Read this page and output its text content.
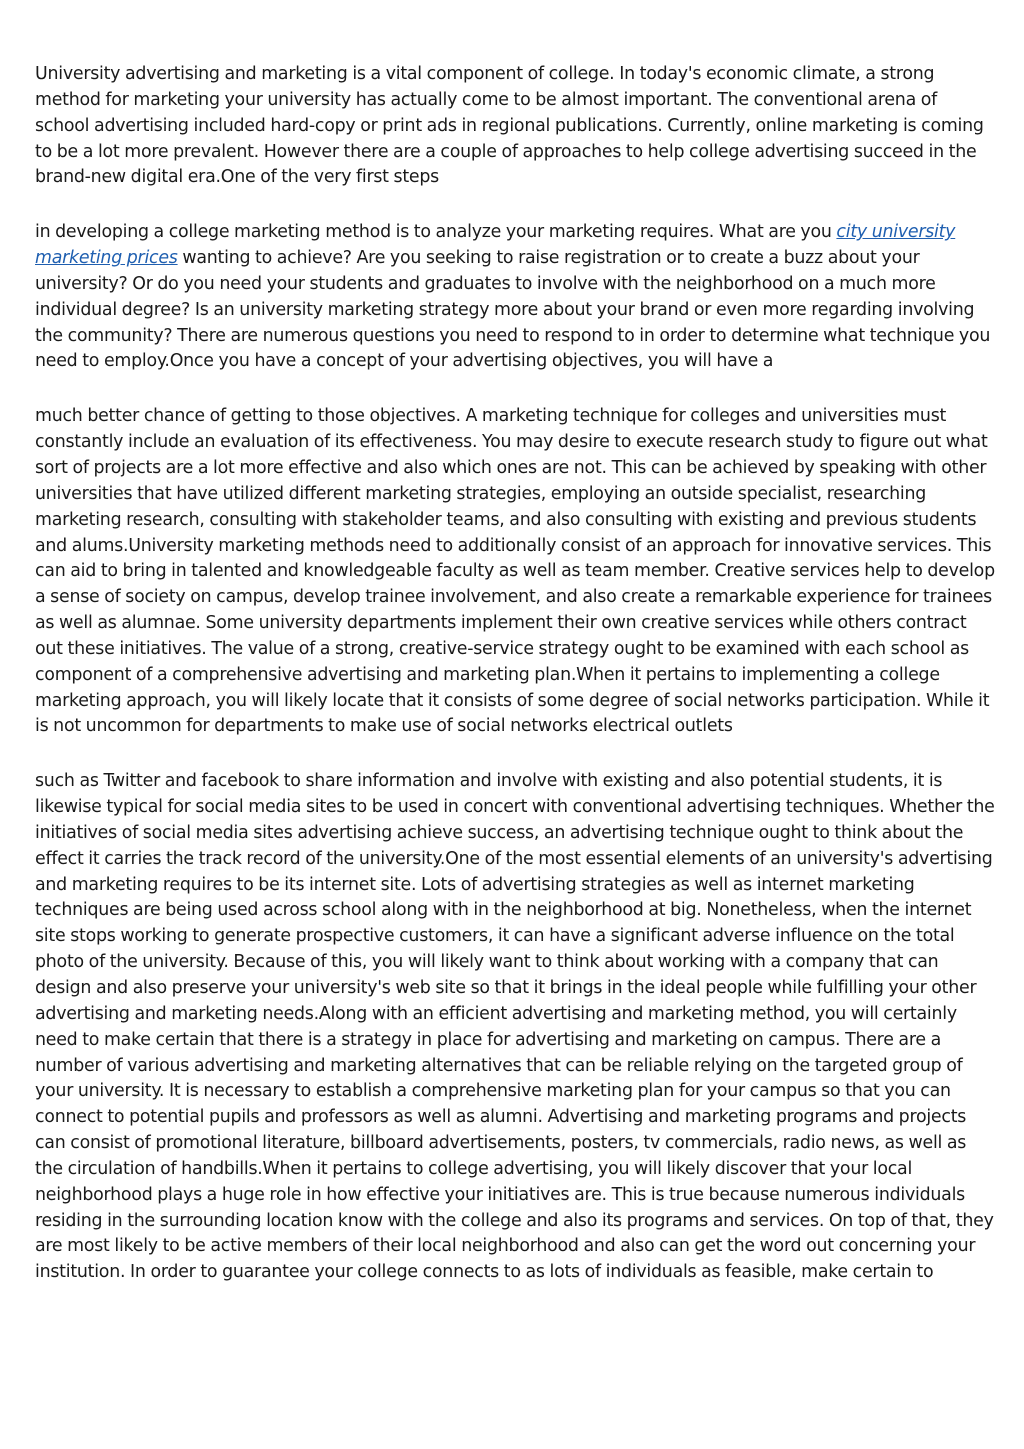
University advertising and marketing is a vital component of college. In today's economic climate, a strong method for marketing your university has actually come to be almost important. The conventional arena of school advertising included hard-copy or print ads in regional publications. Currently, online marketing is coming to be a lot more prevalent. However there are a couple of approaches to help college advertising succeed in the brand-new digital era.One of the very first steps

in developing a college marketing method is to analyze your marketing requires. What are you city university marketing prices wanting to achieve? Are you seeking to raise registration or to create a buzz about your university? Or do you need your students and graduates to involve with the neighborhood on a much more individual degree? Is an university marketing strategy more about your brand or even more regarding involving the community? There are numerous questions you need to respond to in order to determine what technique you need to employ.Once you have a concept of your advertising objectives, you will have a

much better chance of getting to those objectives. A marketing technique for colleges and universities must constantly include an evaluation of its effectiveness. You may desire to execute research study to figure out what sort of projects are a lot more effective and also which ones are not. This can be achieved by speaking with other universities that have utilized different marketing strategies, employing an outside specialist, researching marketing research, consulting with stakeholder teams, and also consulting with existing and previous students and alums.University marketing methods need to additionally consist of an approach for innovative services. This can aid to bring in talented and knowledgeable faculty as well as team member. Creative services help to develop a sense of society on campus, develop trainee involvement, and also create a remarkable experience for trainees as well as alumnae. Some university departments implement their own creative services while others contract out these initiatives. The value of a strong, creative-service strategy ought to be examined with each school as component of a comprehensive advertising and marketing plan.When it pertains to implementing a college marketing approach, you will likely locate that it consists of some degree of social networks participation. While it is not uncommon for departments to make use of social networks electrical outlets

such as Twitter and facebook to share information and involve with existing and also potential students, it is likewise typical for social media sites to be used in concert with conventional advertising techniques. Whether the initiatives of social media sites advertising achieve success, an advertising technique ought to think about the effect it carries the track record of the university.One of the most essential elements of an university's advertising and marketing requires to be its internet site. Lots of advertising strategies as well as internet marketing techniques are being used across school along with in the neighborhood at big. Nonetheless, when the internet site stops working to generate prospective customers, it can have a significant adverse influence on the total photo of the university. Because of this, you will likely want to think about working with a company that can design and also preserve your university's web site so that it brings in the ideal people while fulfilling your other advertising and marketing needs.Along with an efficient advertising and marketing method, you will certainly need to make certain that there is a strategy in place for advertising and marketing on campus. There are a number of various advertising and marketing alternatives that can be reliable relying on the targeted group of your university. It is necessary to establish a comprehensive marketing plan for your campus so that you can connect to potential pupils and professors as well as alumni. Advertising and marketing programs and projects can consist of promotional literature, billboard advertisements, posters, tv commercials, radio news, as well as the circulation of handbills.When it pertains to college advertising, you will likely discover that your local neighborhood plays a huge role in how effective your initiatives are. This is true because numerous individuals residing in the surrounding location know with the college and also its programs and services. On top of that, they are most likely to be active members of their local neighborhood and also can get the word out concerning your institution. In order to guarantee your college connects to as lots of individuals as feasible, make certain to
